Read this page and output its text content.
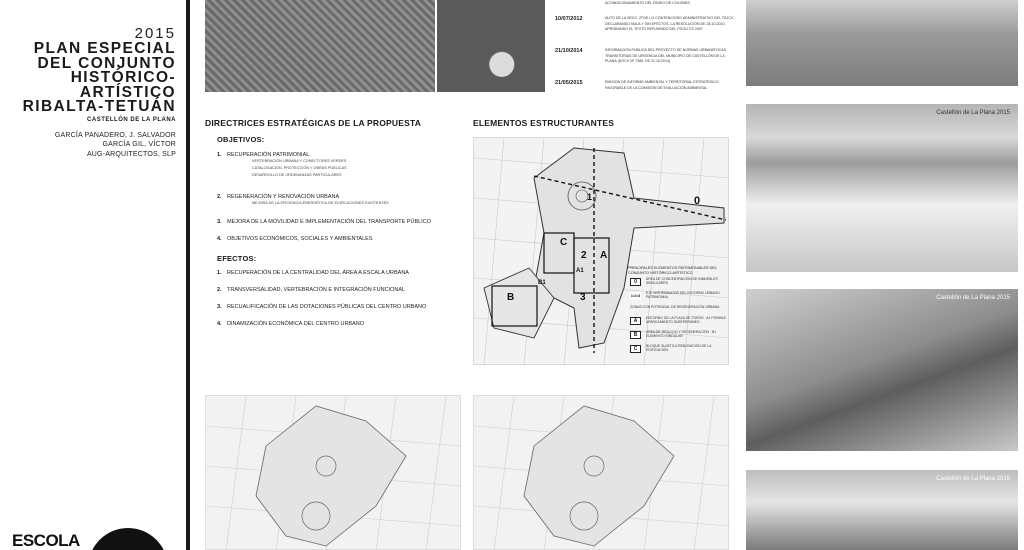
2015
PLAN ESPECIAL
DEL CONJUNTO
HISTÓRICO-
ARTÍSTICO
RIBALTA-TETUÁN
CASTELLÓN DE LA PLANA
GARCÍA PANADERO, J. SALVADOR
GARCÍA GIL, VÍCTOR
AUG-ARQUITECTOS, SLP
ESCOLA
ACONDICIONAMIENTO DEL PASEO DE COLONES
10/07/2012	AUTO DE LA SECC. 2ª DE LO CONTENCIOSO ADMINISTRATIVO DEL TSJCV, DECLARANDO NULA Y SIN EFECTOS, LA RESOLUCIÓN DE 28.10.2010, APROBANDO EL TEXTO REFUNDIDO DEL PGOU CS 2007
21/10/2014	INFORMACIÓN PÚBLICA DEL PROYECTO DE NORMAS URBANÍSTICAS TRANSITORIAS DE URGENCIA DEL MUNICIPIO DE CASTELLÓN DE LA PLANA (DOCV Nº 7385, DE 21.10.2014)
21/05/2015	EMISIÓN DE INFORME AMBIENTAL Y TERRITORIAL ESTRATÉGICO FAVORABLE DE LA COMISIÓN DE EVALUACIÓN AMBIENTAL
DIRECTRICES ESTRATÉGICAS DE LA PROPUESTA
OBJETIVOS:
1. RECUPERACIÓN PATRIMONIAL
VERTEBRACIÓN URBANA Y CONECTORES VERDES
CATALOGACIÓN, PROTECCIÓN Y OBRAS PÚBLICAS
DESARROLLO DE ORDENANZAS PARTICULARES
2. REGENERACIÓN Y RENOVACIÓN URBANA
MEJORA DE LA EFICIENCIA ENERGÉTICA DE EDIFICACIONES EXISTENTES
3. MEJORA DE LA MOVILIDAD E IMPLEMENTACIÓN DEL TRANSPORTE PÚBLICO
4. OBJETIVOS ECONÓMICOS, SOCIALES Y AMBIENTALES
EFECTOS:
1. RECUPERACIÓN DE LA CENTRALIDAD DEL ÁREA A ESCALA URBANA
2. TRANSVERSALIDAD, VERTEBRACIÓN E INTEGRACIÓN FUNCIONAL
3. RECUALIFICACIÓN DE LAS DOTACIONES PÚBLICAS DEL CENTRO URBANO
4. DINAMIZACIÓN ECONÓMICA DEL CENTRO URBANO
ELEMENTOS ESTRUCTURANTES
0
1
2
3
A
B
C
A1
B1
PRINCIPALES ELEMENTOS PATRIMONIALES DEL CONJUNTO HISTÓRICO-ARTÍSTICO
0	ÁREA DE CONCENTRACIÓN DE INMUEBLES SINGULARES
1•2•3 EJE VERTEBRADOR DEL ENTORNO URBANO PATRIMONIAL
ZONAS CON POTENCIAL DE REGENERACIÓN URBANA
A	ENTORNO DE LA PLAZA DE TOROS · A1 POSIBLE APARCAMIENTO SUBTERRÁNEO
B	ÁREA DE REALOJO Y REGENERACIÓN · B1 ELEMENTO SINGULAR
C	BLOQUE SUJETO A RENOVACIÓN DE LA EDIFICACIÓN
Castellón de La Plana 2015
Castellón de La Plana 2015
Castellón de La Plana 2015
